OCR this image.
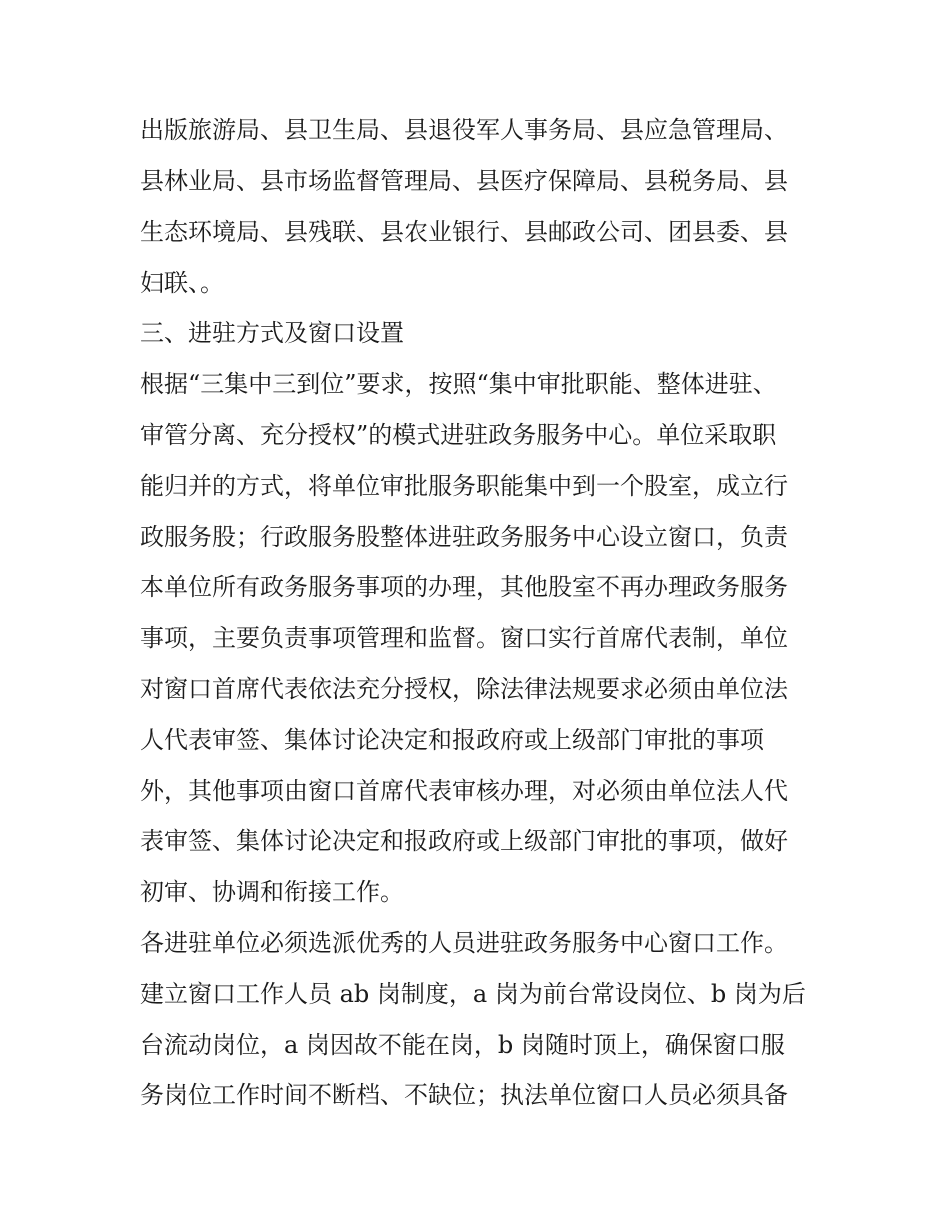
出版旅游局、县卫生局、县退役军人事务局、县应急管理局、
县林业局、县市场监督管理局、县医疗保障局、县税务局、县
生态环境局、县残联、县农业银行、县邮政公司、团县委、县
妇联、。
三、进驻方式及窗口设置
根据“三集中三到位”要求，按照“集中审批职能、整体进驻、
审管分离、充分授权”的模式进驻政务服务中心。单位采取职
能归并的方式，将单位审批服务职能集中到一个股室，成立行
政服务股；行政服务股整体进驻政务服务中心设立窗口，负责
本单位所有政务服务事项的办理，其他股室不再办理政务服务
事项，主要负责事项管理和监督。窗口实行首席代表制，单位
对窗口首席代表依法充分授权，除法律法规要求必须由单位法
人代表审签、集体讨论决定和报政府或上级部门审批的事项
外，其他事项由窗口首席代表审核办理，对必须由单位法人代
表审签、集体讨论决定和报政府或上级部门审批的事项，做好
初审、协调和衔接工作。
各进驻单位必须选派优秀的人员进驻政务服务中心窗口工作。
建立窗口工作人员 ab 岗制度，a 岗为前台常设岗位、b 岗为后
台流动岗位，a 岗因故不能在岗，b 岗随时顶上，确保窗口服
务岗位工作时间不断档、不缺位；执法单位窗口人员必须具备
